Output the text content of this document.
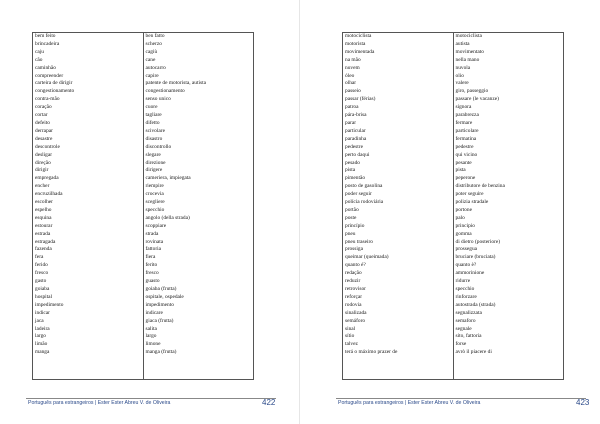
bem feito	ben fatto
brincadeira	scherzo
caju	cagiù
cão	cane
caminhão	autocarro
compreender	capire
carteira de dirigir	patente de motorista, autista
congestionamento	congestionamento
contra-mão	senso unico
coração	cuore
cortar	tagliare
defeito	difetto
derrapar	scivolare
desastre	disastro
descontrole	discontrollo
desligar	slegare
direção	direzione
dirigir	dirigere
empregada	cameriera, impiegata
encher	riempire
encruzilhada	crocevia
escolher	scegliere
espelho	specchio
esquina	angolo (della strada)
estourar	scoppiare
estrada	strada
estragada	rovinata
fazenda	fattoria
fera	fiera
ferido	ferito
fresco	fresco
gasto	guasto
goiaba	goiaba (frutta)
hospital	ospitale, ospedale
impedimento	impedimento
indicar	indicare
jaca	giaca (frutta)
ladeira	salita
largo	largo
limão	limone
manga	manga (frutta)

Português para estrangeiros | Ester Ester Abreu V. de Oliveira	422
motociclista	motociclista
motorista	autista
movimentada	movimentato
na mão	nella mano
nuvem	nuvola
óleo	olio
olhar	valere
passeio	giro, passeggio
passar (férias)	passare (le vacanze)
patroa	signora
pára-brisa	parabrezza
parar	fermare
particular	particolare
paradinha	fermatina
pedestre	pedestre
perto daqui	qui vicino
pesado	pesante
pista	pista
pimentão	peperone
posto de gasolina	distributore de benzina
poder seguir	poter seguire
polícia rodoviária	polizia stradale
portão	portone
poste	palo
princípio	principio
pneu	gomma
pneu traseiro	di dietro (posteriore)
prossiga	prossegua
queimar (queimada)	bruciare (bruciata)
quanto é?	quanto è?
redação	ammorinione
reduzir	ridurre
retrovisor	specchio
reforçar	rinforzare
rodovia	autostrada (strada)
sinalizada	segnalizzata
semáforo	semaforo
sinal	segnale
sítio	sito, fattoria
talvez	forse
terá o máximo prazer de	avrò il piacere di

Português para estrangeiros | Ester Ester Abreu V. de Oliveira	423
